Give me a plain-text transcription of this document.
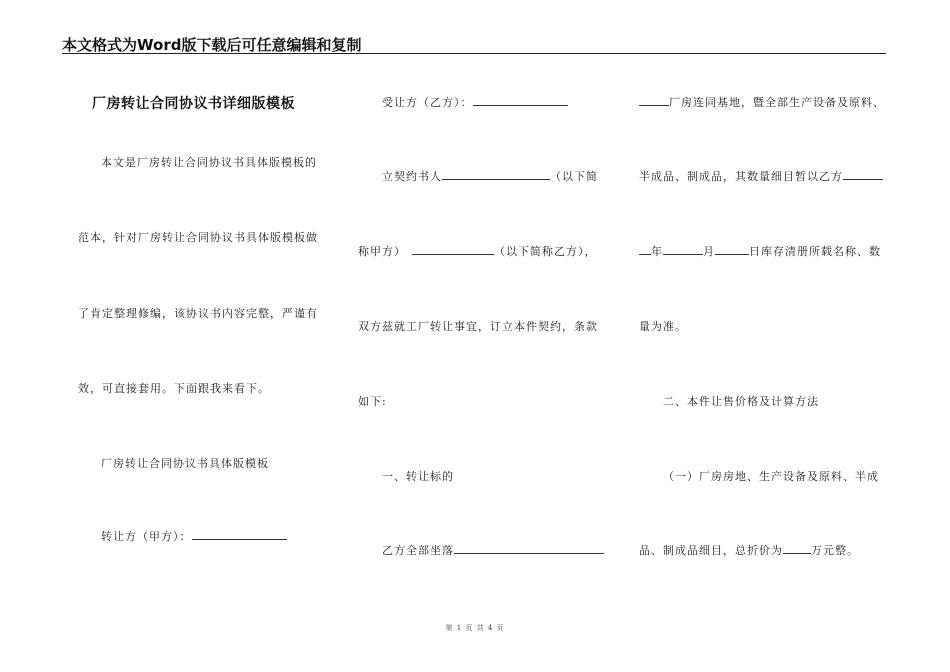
本文格式为Word版下载后可任意编辑和复制
厂房转让合同协议书详细版模板
本文是厂房转让合同协议书具体版模板的
范本，针对厂房转让合同协议书具体版模板做
了肯定整理修编，该协议书内容完整，严谨有
效，可直接套用。下面跟我来看下。
厂房转让合同协议书具体版模板
转让方（甲方）：
受让方（乙方）：
立契约书人	（以下简
称甲方）	（以下简称乙方），
双方兹就工厂转让事宜，订立本件契约，条款
如下:
一、转让标的
乙方全部坐落
厂房连同基地，暨全部生产设备及原料、
半成品、制成品，其数量细目暂以乙方
年	月	日库存清册所载名称、数
量为准。
二、本件让售价格及计算方法
（一）厂房房地、生产设备及原料、半成
品、制成品细目，总折价为	万元整。
第 1 页 共 4 页
